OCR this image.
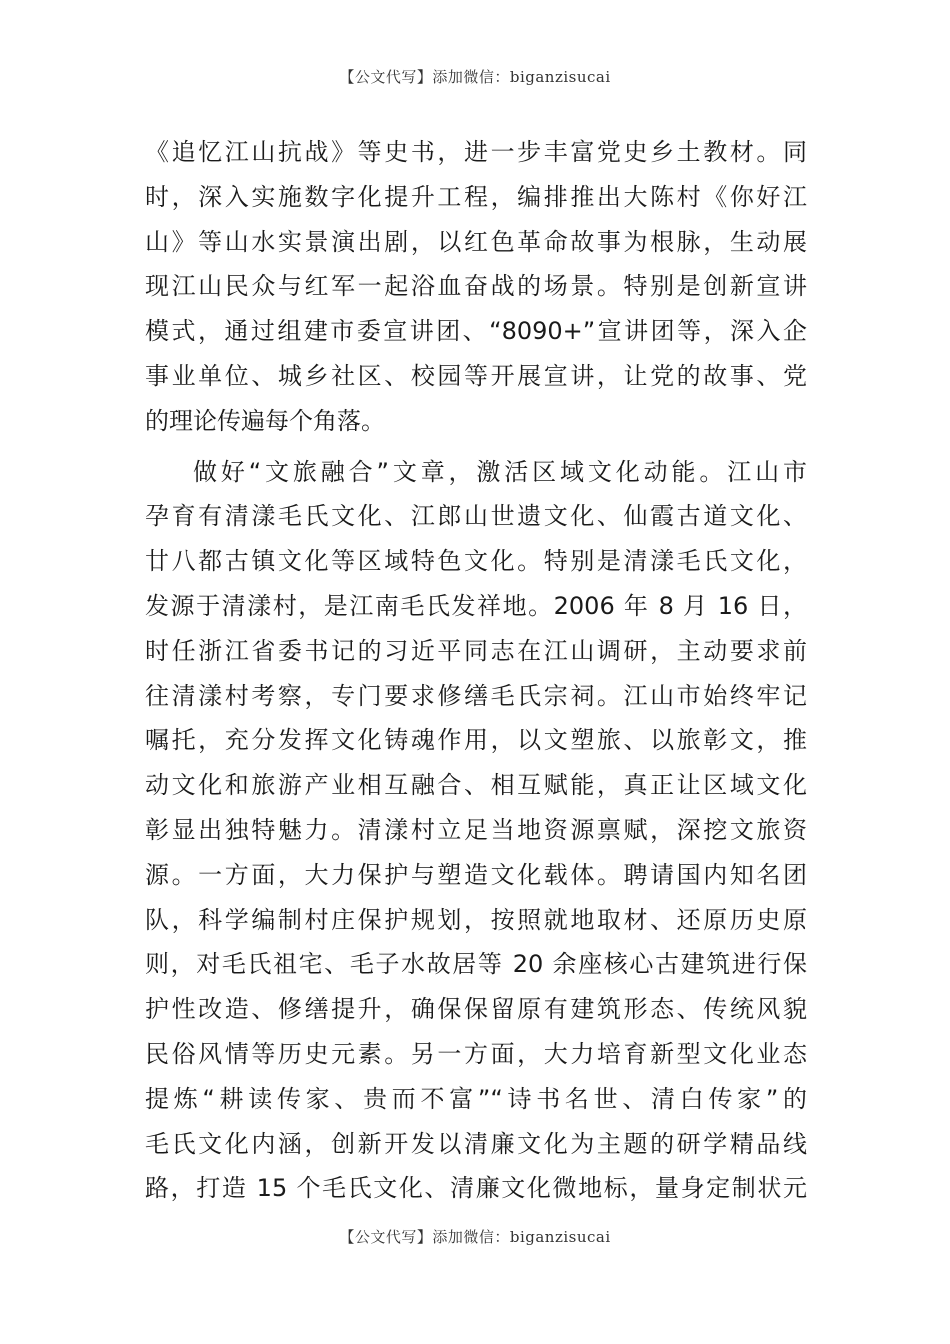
【公文代写】添加微信：biganzisucai
《追忆江山抗战》等史书，进一步丰富党史乡土教材。同
时，深入实施数字化提升工程，编排推出大陈村《你好江
山》等山水实景演出剧，以红色革命故事为根脉，生动展
现江山民众与红军一起浴血奋战的场景。特别是创新宣讲
模式，通过组建市委宣讲团、“8090+”宣讲团等，深入企
事业单位、城乡社区、校园等开展宣讲，让党的故事、党
的理论传遍每个角落。
做好“文旅融合”文章，激活区域文化动能。江山市
孕育有清漾毛氏文化、江郎山世遗文化、仙霞古道文化、
廿八都古镇文化等区域特色文化。特别是清漾毛氏文化，
发源于清漾村，是江南毛氏发祥地。2006 年 8 月 16 日，
时任浙江省委书记的习近平同志在江山调研，主动要求前
往清漾村考察，专门要求修缮毛氏宗祠。江山市始终牢记
嘱托，充分发挥文化铸魂作用，以文塑旅、以旅彰文，推
动文化和旅游产业相互融合、相互赋能，真正让区域文化
彰显出独特魅力。清漾村立足当地资源禀赋，深挖文旅资
源。一方面，大力保护与塑造文化载体。聘请国内知名团
队，科学编制村庄保护规划，按照就地取材、还原历史原
则，对毛氏祖宅、毛子水故居等 20 余座核心古建筑进行保
护性改造、修缮提升，确保保留原有建筑形态、传统风貌
民俗风情等历史元素。另一方面，大力培育新型文化业态
提炼“耕读传家、贵而不富”“诗书名世、清白传家”的
毛氏文化内涵，创新开发以清廉文化为主题的研学精品线
路，打造 15 个毛氏文化、清廉文化微地标，量身定制状元
【公文代写】添加微信：biganzisucai
